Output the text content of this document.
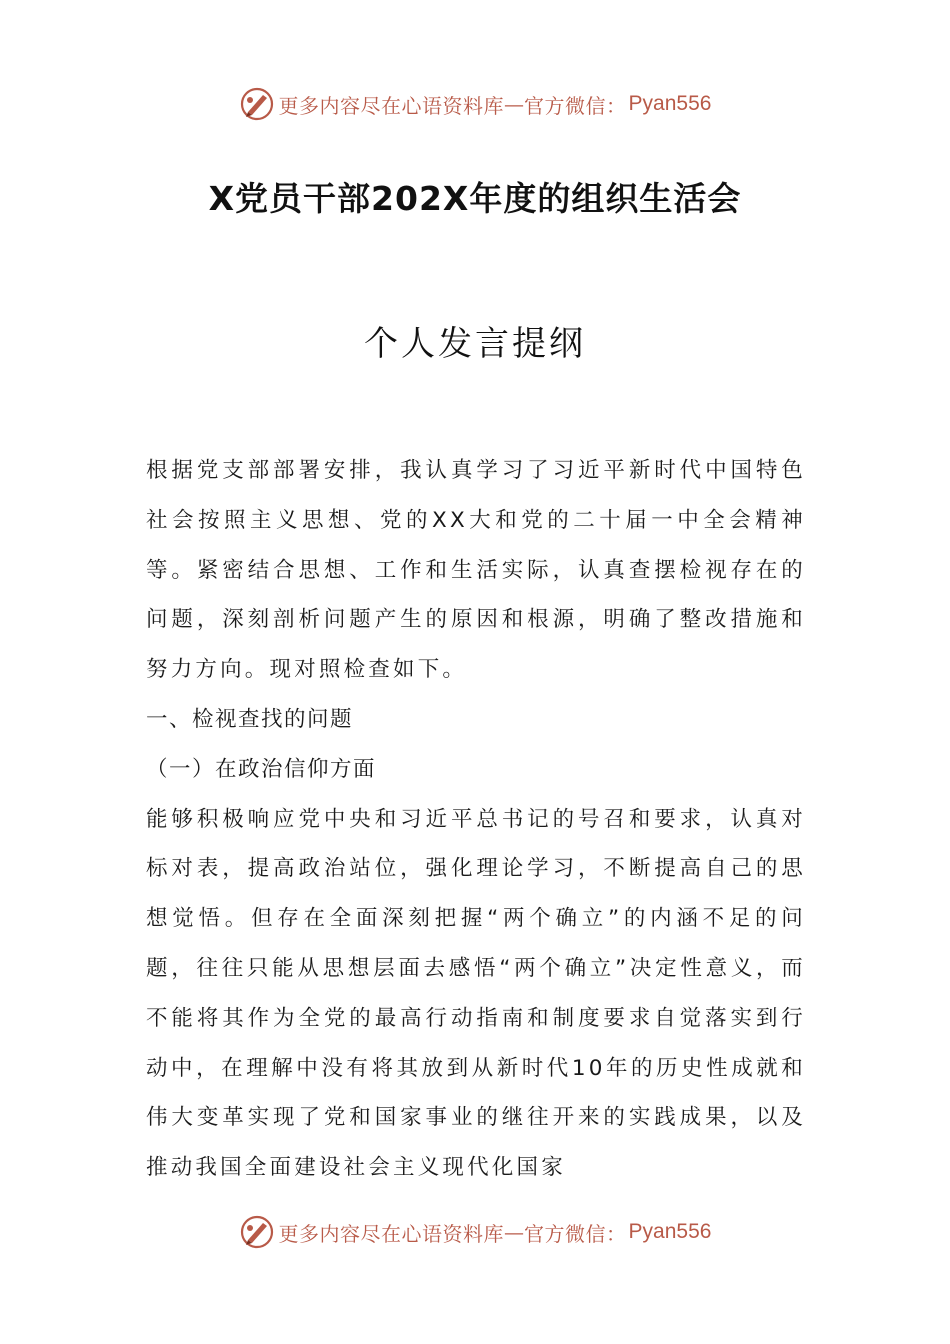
更多内容尽在心语资料库 — 官方微信： Pyan556
X党员干部202X年度的组织生活会
个人发言提纲

根据党支部部署安排，我认真学习了习近平新时代中国特色社会按照主义思想、党的XX大和党的二十届一中全会精神等。紧密结合思想、工作和生活实际，认真查摆检视存在的问题，深刻剖析问题产生的原因和根源，明确了整改措施和努力方向。现对照检查如下。

一、检视查找的问题

（一）在政治信仰方面

能够积极响应党中央和习近平总书记的号召和要求，认真对标对表，提高政治站位，强化理论学习，不断提高自己的思想觉悟。但存在全面深刻把握“两个确立”的内涵不足的问题，往往只能从思想层面去感悟“两个确立”决定性意义，而不能将其作为全党的最高行动指南和制度要求自觉落实到行动中，在理解中没有将其放到从新时代10年的历史性成就和伟大变革实现了党和国家事业的继往开来的实践成果，以及推动我国全面建设社会主义现代化国家

更多内容尽在心语资料库 — 官方微信： Pyan556
